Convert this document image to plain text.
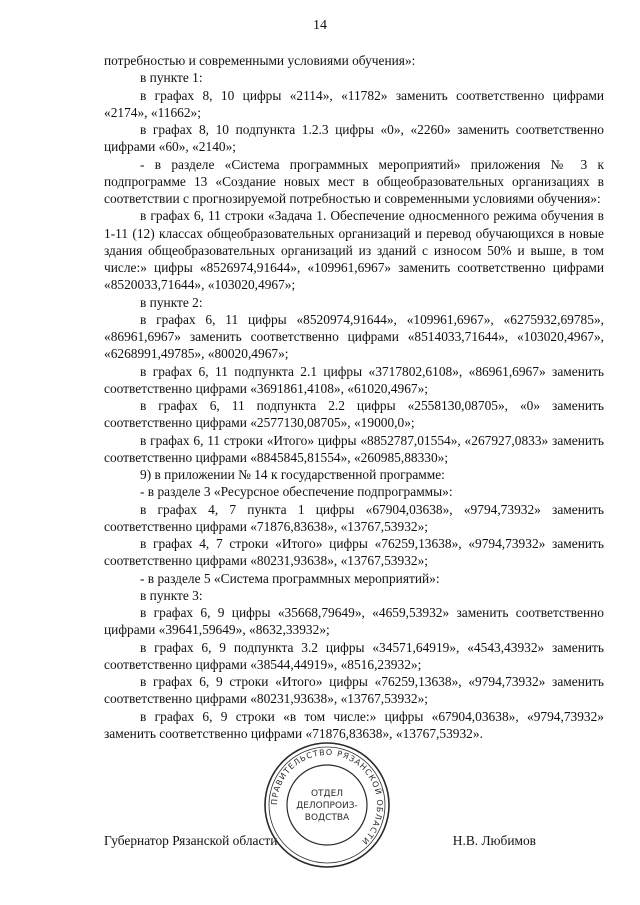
14

потребностью и современными условиями обучения»:

в пункте 1:

в графах 8, 10 цифры «2114», «11782» заменить соответственно цифрами «2174», «11662»;

в графах 8, 10 подпункта 1.2.3 цифры «0», «2260» заменить соответственно цифрами «60», «2140»;

- в разделе «Система программных мероприятий» приложения № 3 к подпрограмме 13 «Создание новых мест в общеобразовательных организациях в соответствии с прогнозируемой потребностью и современными условиями обучения»:

в графах 6, 11 строки «Задача 1. Обеспечение односменного режима обучения в 1-11 (12) классах общеобразовательных организаций и перевод обучающихся в новые здания общеобразовательных организаций из зданий с износом 50% и выше, в том числе:» цифры «8526974,91644», «109961,6967» заменить соответственно цифрами «8520033,71644», «103020,4967»;

в пункте 2:

в графах 6, 11 цифры «8520974,91644», «109961,6967», «6275932,69785», «86961,6967» заменить соответственно цифрами «8514033,71644», «103020,4967», «6268991,49785», «80020,4967»;

в графах 6, 11 подпункта 2.1 цифры «3717802,6108», «86961,6967» заменить соответственно цифрами «3691861,4108», «61020,4967»;

в графах 6, 11 подпункта 2.2 цифры «2558130,08705», «0» заменить соответственно цифрами «2577130,08705», «19000,0»;

в графах 6, 11 строки «Итого» цифры «8852787,01554», «267927,0833» заменить соответственно цифрами «8845845,81554», «260985,88330»;

9) в приложении № 14 к государственной программе:

- в разделе 3 «Ресурсное обеспечение подпрограммы»:

в графах 4, 7 пункта 1 цифры «67904,03638», «9794,73932» заменить соответственно цифрами «71876,83638», «13767,53932»;

в графах 4, 7 строки «Итого» цифры «76259,13638», «9794,73932» заменить соответственно цифрами «80231,93638», «13767,53932»;

- в разделе 5 «Система программных мероприятий»:

в пункте 3:

в графах 6, 9 цифры «35668,79649», «4659,53932» заменить соответственно цифрами «39641,59649», «8632,33932»;

в графах 6, 9 подпункта 3.2 цифры «34571,64919», «4543,43932» заменить соответственно цифрами «38544,44919», «8516,23932»;

в графах 6, 9 строки «Итого» цифры «76259,13638», «9794,73932» заменить соответственно цифрами «80231,93638», «13767,53932»;

в графах 6, 9 строки «в том числе:» цифры «67904,03638», «9794,73932» заменить соответственно цифрами «71876,83638», «13767,53932».

Губернатор Рязанской области	Н.В. Любимов
ПРАВИТЕЛЬСТВО РЯЗАНСКОЙ ОБЛАСТИ
ОТДЕЛ
ДЕЛОПРОИЗ-
ВОДСТВА
